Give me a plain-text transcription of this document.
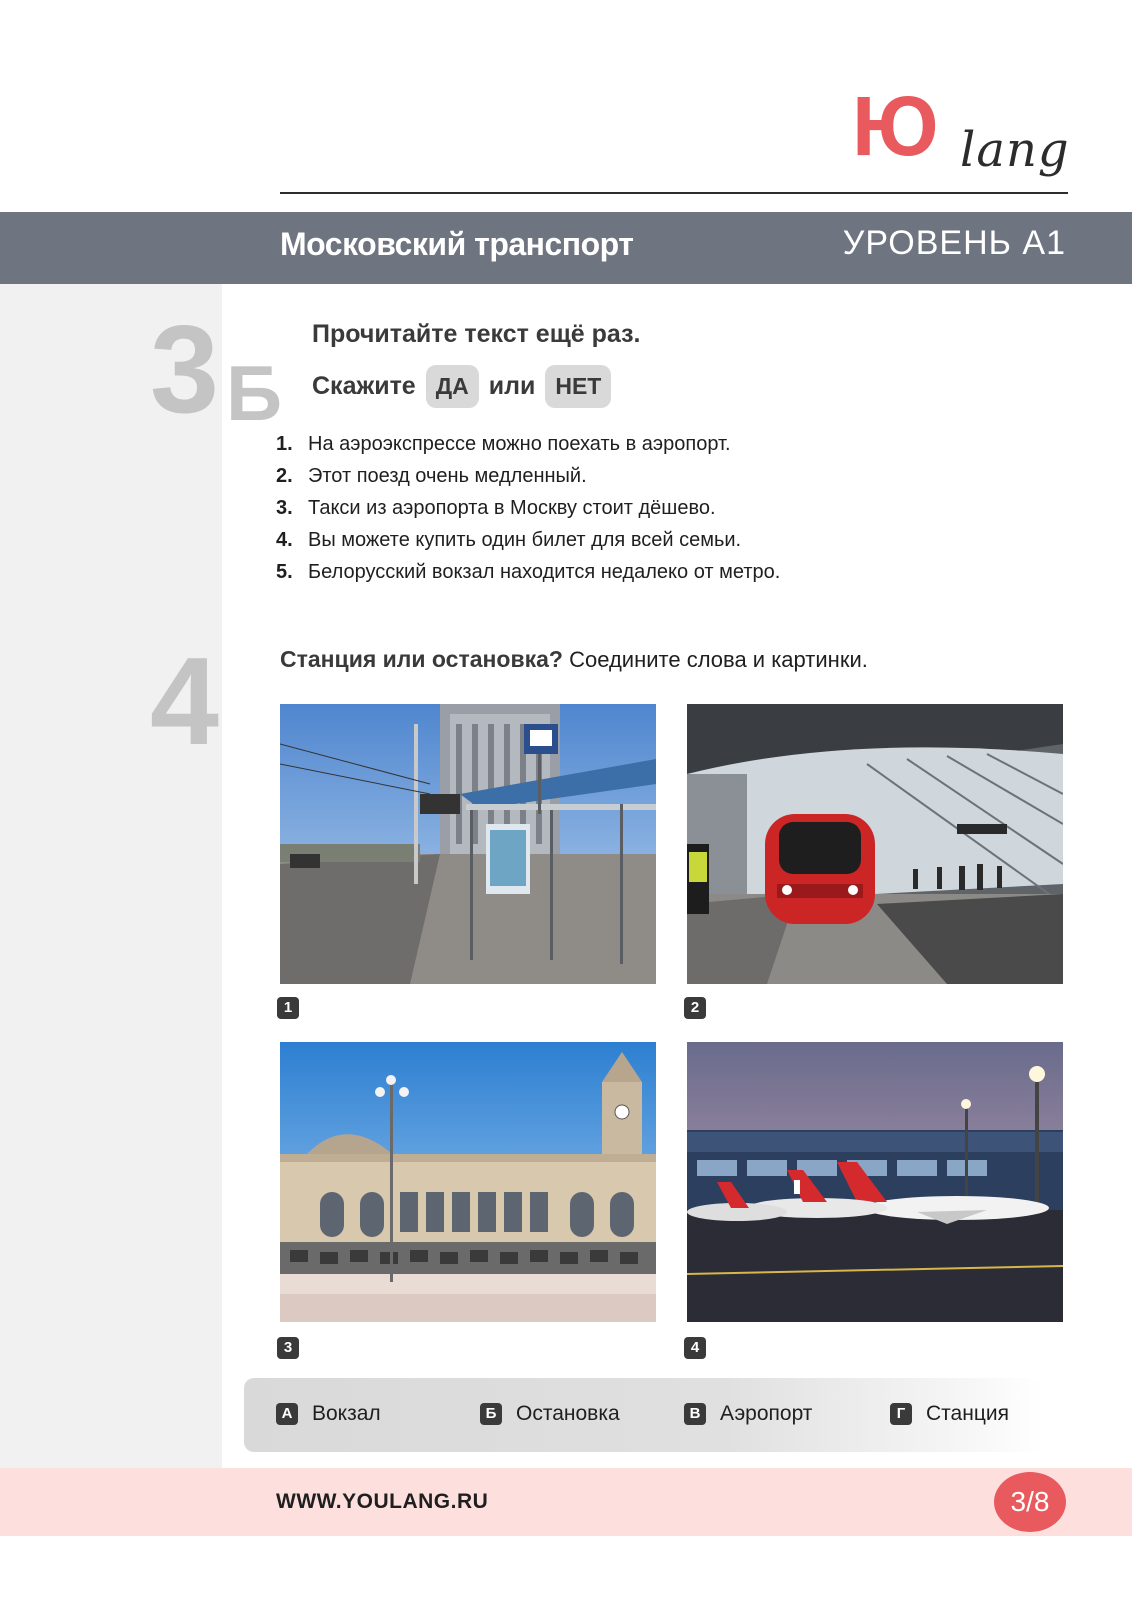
Ю lang
Московский транспорт	УРОВЕНЬ A1
3 Б
Прочитайте текст ещё раз.
Скажите ДА или НЕТ
1. На аэроэкспрессе можно поехать в аэропорт.
2. Этот поезд очень медленный.
3. Такси из аэропорта в Москву стоит дёшево.
4. Вы можете купить один билет для всей семьи.
5. Белорусский вокзал находится недалеко от метро.
4	Станция или остановка? Соедините слова и картинки.
1	2
3	4
А Вокзал	Б Остановка	В Аэропорт	Г Станция
WWW.YOULANG.RU	3/8
